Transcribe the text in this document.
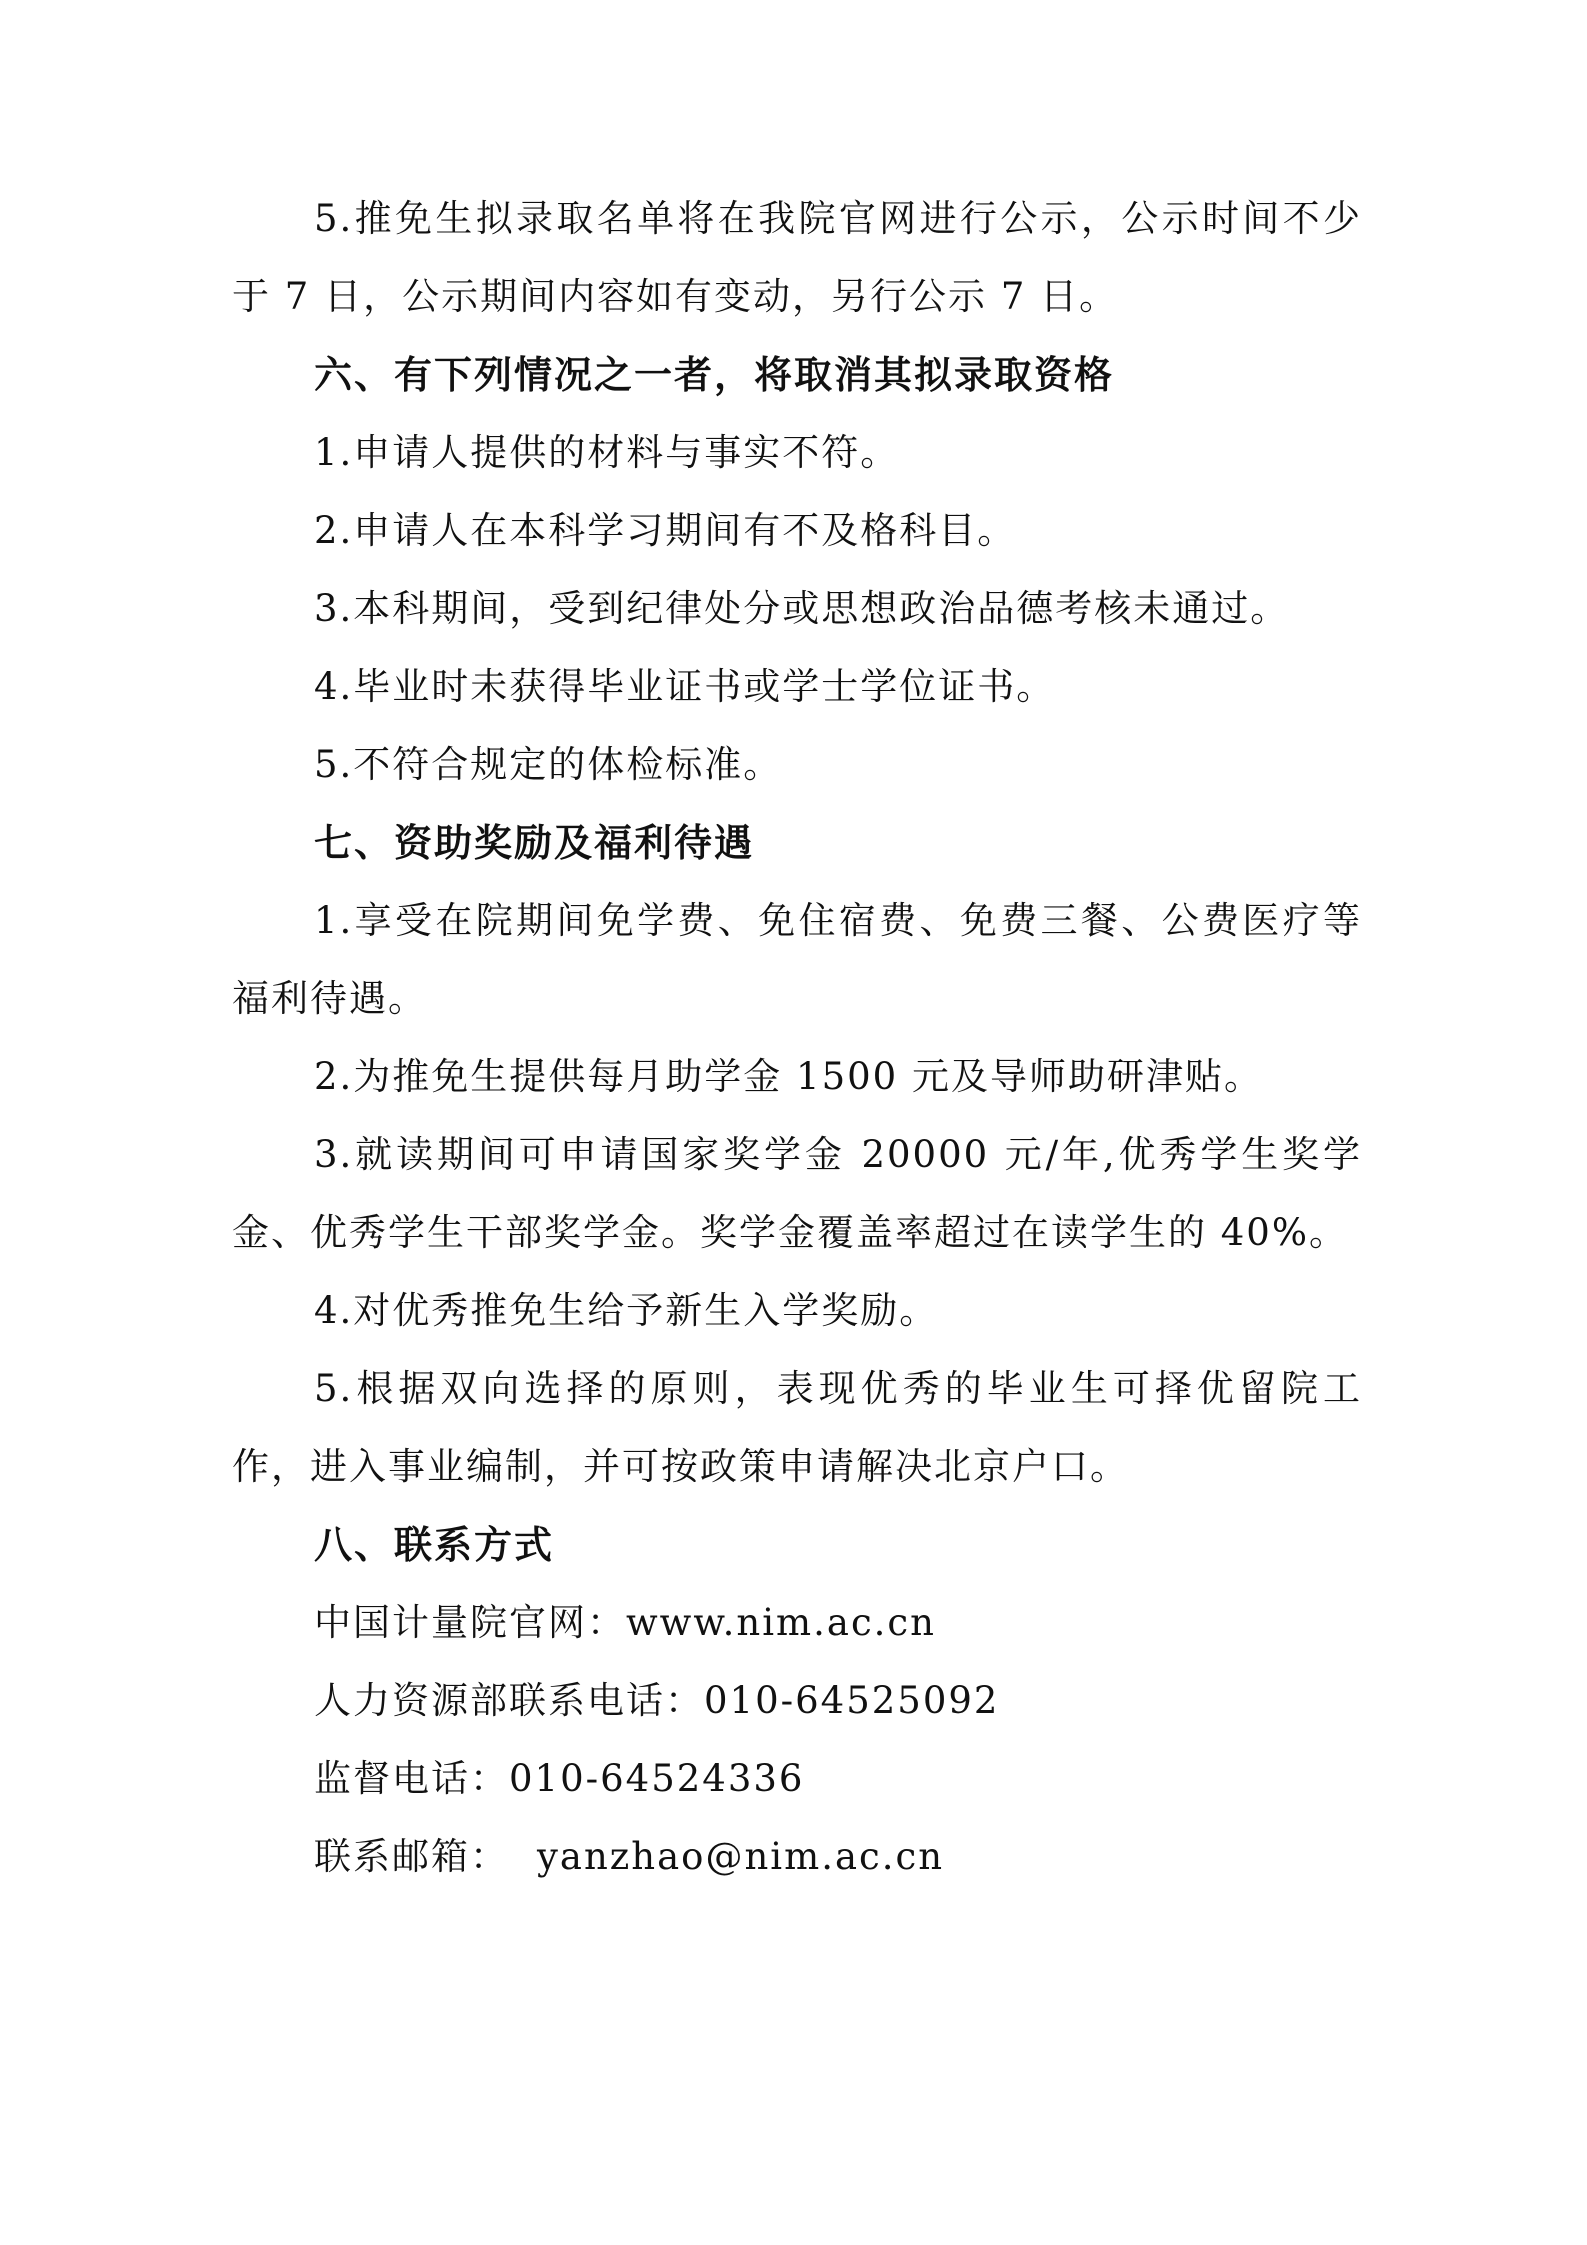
5.推免生拟录取名单将在我院官网进行公示，公示时间不少于 7 日，公示期间内容如有变动，另行公示 7 日。

六、有下列情况之一者，将取消其拟录取资格

1.申请人提供的材料与事实不符。

2.申请人在本科学习期间有不及格科目。

3.本科期间，受到纪律处分或思想政治品德考核未通过。

4.毕业时未获得毕业证书或学士学位证书。

5.不符合规定的体检标准。

七、资助奖励及福利待遇

1.享受在院期间免学费、免住宿费、免费三餐、公费医疗等福利待遇。

2.为推免生提供每月助学金 1500 元及导师助研津贴。

3.就读期间可申请国家奖学金 20000 元/年,优秀学生奖学金、优秀学生干部奖学金。奖学金覆盖率超过在读学生的 40%。

4.对优秀推免生给予新生入学奖励。

5.根据双向选择的原则，表现优秀的毕业生可择优留院工作，进入事业编制，并可按政策申请解决北京户口。

八、联系方式
中国计量院官网：www.nim.ac.cn
人力资源部联系电话：010-64525092
监督电话：010-64524336
联系邮箱： yanzhao@nim.ac.cn
